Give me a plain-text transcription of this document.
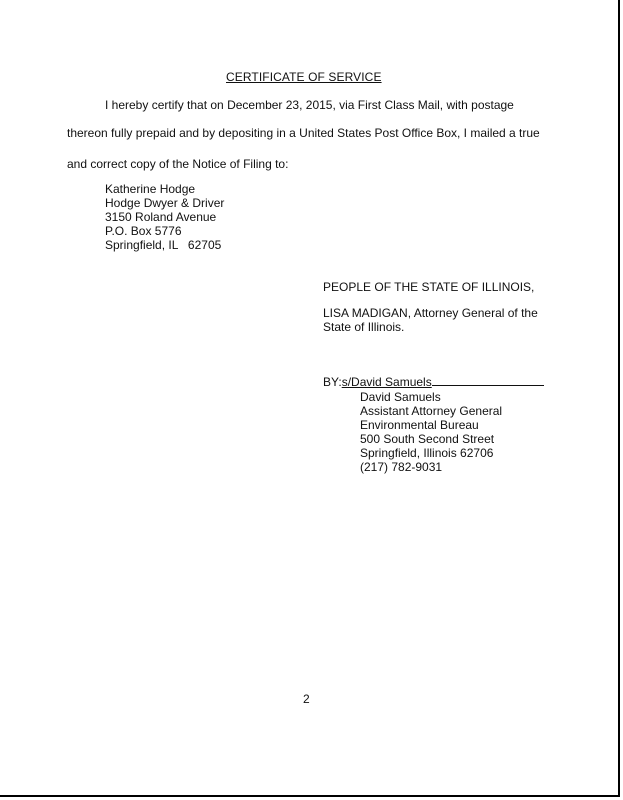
CERTIFICATE OF SERVICE
I hereby certify that on December 23, 2015, via First Class Mail, with postage
thereon fully prepaid and by depositing in a United States Post Office Box, I mailed a true
and correct copy of the Notice of Filing to:
Katherine Hodge
Hodge Dwyer & Driver
3150 Roland Avenue
P.O. Box 5776
Springfield, IL   62705
PEOPLE OF THE STATE OF ILLINOIS,
LISA MADIGAN, Attorney General of the State of Illinois.
BY:s/David Samuels
David Samuels
Assistant Attorney General
Environmental Bureau
500 South Second Street
Springfield, Illinois 62706
(217) 782-9031
2
